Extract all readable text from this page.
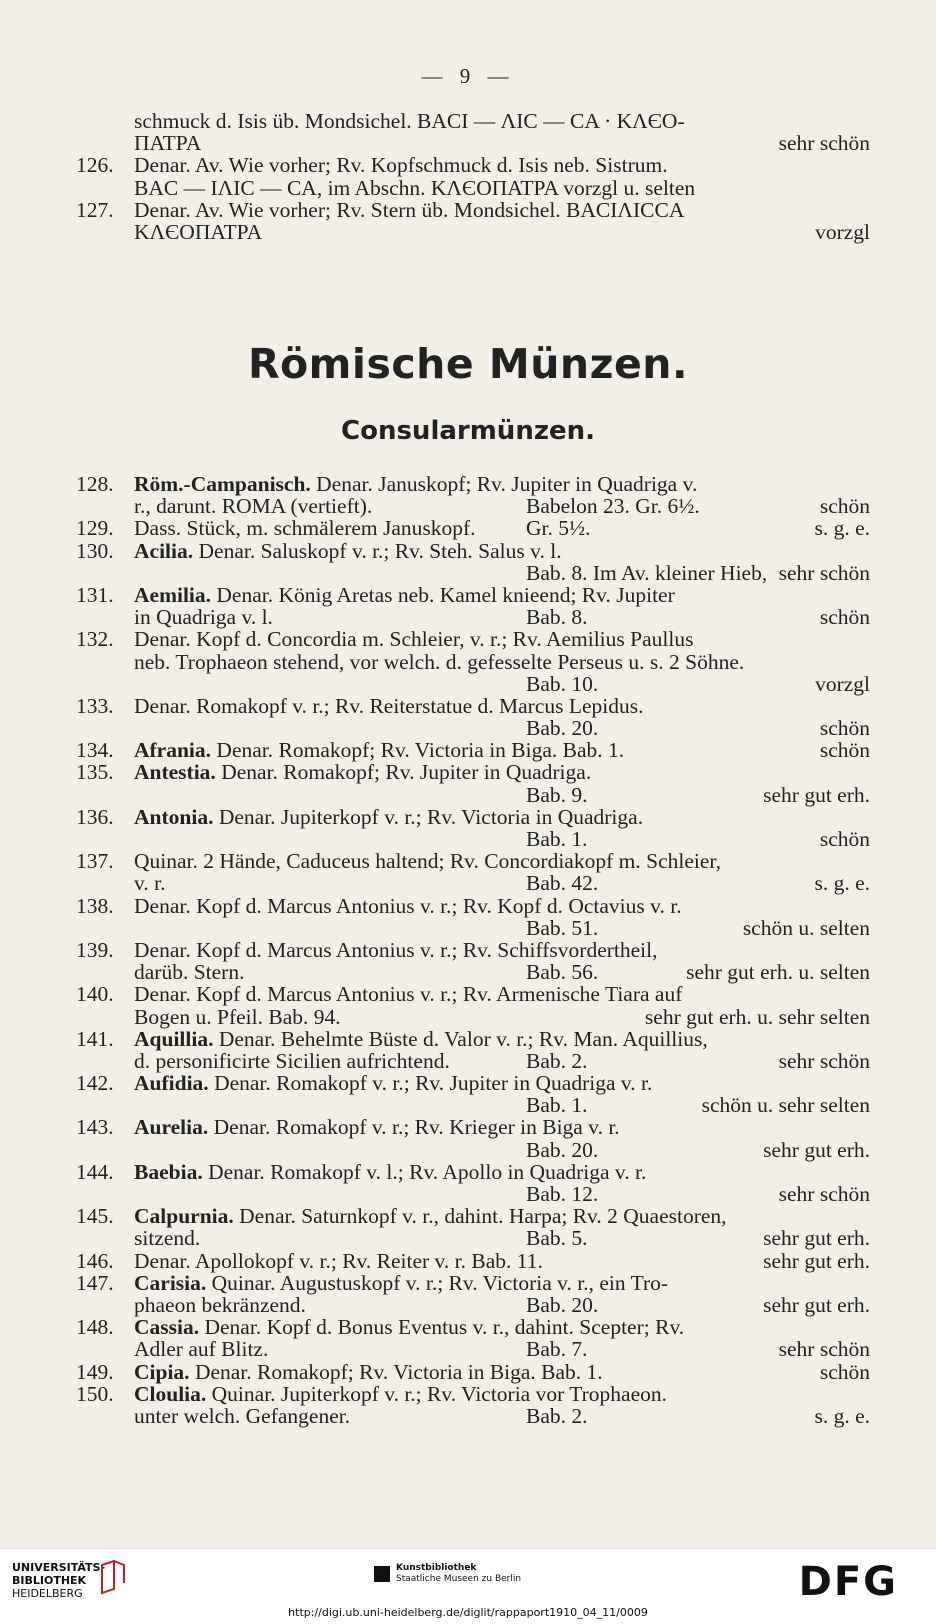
— 9 —
schmuck d. Isis üb. Mondsichel. BACI — ΛIC — CA · KΛЄO-
ΠATPA	sehr schön
126. Denar. Av. Wie vorher; Rv. Kopfschmuck d. Isis neb. Sistrum.
BAC — IΛIC — CA, im Abschn. KΛЄOΠATPA vorzgl u. selten
127. Denar. Av. Wie vorher; Rv. Stern üb. Mondsichel. BACIΛICCA
KΛЄOΠATPA	vorzgl
Römische Münzen.
Consularmünzen.
128. Röm.-Campanisch. Denar. Januskopf; Rv. Jupiter in Quadriga v.
r., darunt. ROMA (vertieft).	Babelon 23. Gr. 6½.	schön
129. Dass. Stück, m. schmälerem Januskopf. Gr. 5½.	s. g. e.
130. Acilia. Denar. Saluskopf v. r.; Rv. Steh. Salus v. l.
Bab. 8. Im Av. kleiner Hieb, sehr schön
131. Aemilia. Denar. König Aretas neb. Kamel knieend; Rv. Jupiter
in Quadriga v. l.	Bab. 8.	schön
132. Denar. Kopf d. Concordia m. Schleier, v. r.; Rv. Aemilius Paullus
neb. Trophaeon stehend, vor welch. d. gefesselte Perseus u. s. 2 Söhne.
Bab. 10.	vorzgl
133. Denar. Romakopf v. r.; Rv. Reiterstatue d. Marcus Lepidus.
Bab. 20.	schön
134. Afrania. Denar. Romakopf; Rv. Victoria in Biga. Bab. 1.	schön
135. Antestia. Denar. Romakopf; Rv. Jupiter in Quadriga.
Bab. 9.	sehr gut erh.
136. Antonia. Denar. Jupiterkopf v. r.; Rv. Victoria in Quadriga.
Bab. 1.	schön
137. Quinar. 2 Hände, Caduceus haltend; Rv. Concordiakopf m. Schleier,
v. r.	Bab. 42.	s. g. e.
138. Denar. Kopf d. Marcus Antonius v. r.; Rv. Kopf d. Octavius v. r.
Bab. 51.	schön u. selten
139. Denar. Kopf d. Marcus Antonius v. r.; Rv. Schiffsvordertheil,
darüb. Stern.	Bab. 56.	sehr gut erh. u. selten
140. Denar. Kopf d. Marcus Antonius v. r.; Rv. Armenische Tiara auf
Bogen u. Pfeil. Bab. 94.	sehr gut erh. u. sehr selten
141. Aquillia. Denar. Behelmte Büste d. Valor v. r.; Rv. Man. Aquillius,
d. personificirte Sicilien aufrichtend.	Bab. 2.	sehr schön
142. Aufidia. Denar. Romakopf v. r.; Rv. Jupiter in Quadriga v. r.
Bab. 1.	schön u. sehr selten
143. Aurelia. Denar. Romakopf v. r.; Rv. Krieger in Biga v. r.
Bab. 20.	sehr gut erh.
144. Baebia. Denar. Romakopf v. l.; Rv. Apollo in Quadriga v. r.
Bab. 12.	sehr schön
145. Calpurnia. Denar. Saturnkopf v. r., dahint. Harpa; Rv. 2 Quaestoren,
sitzend.	Bab. 5.	sehr gut erh.
146. Denar. Apollokopf v. r.; Rv. Reiter v. r. Bab. 11.	sehr gut erh.
147. Carisia. Quinar. Augustuskopf v. r.; Rv. Victoria v. r., ein Tro-
phaeon bekränzend.	Bab. 20.	sehr gut erh.
148. Cassia. Denar. Kopf d. Bonus Eventus v. r., dahint. Scepter; Rv.
Adler auf Blitz.	Bab. 7.	sehr schön
149. Cipia. Denar. Romakopf; Rv. Victoria in Biga. Bab. 1.	schön
150. Cloulia. Quinar. Jupiterkopf v. r.; Rv. Victoria vor Trophaeon.
unter welch. Gefangener.	Bab. 2.	s. g. e.
UNIVERSITÄTS-
BIBLIOTHEK
HEIDELBERG
Kunstbibliothek
Staatliche Museen zu Berlin	DFG
http://digi.ub.uni-heidelberg.de/diglit/rappaport1910_04_11/0009
